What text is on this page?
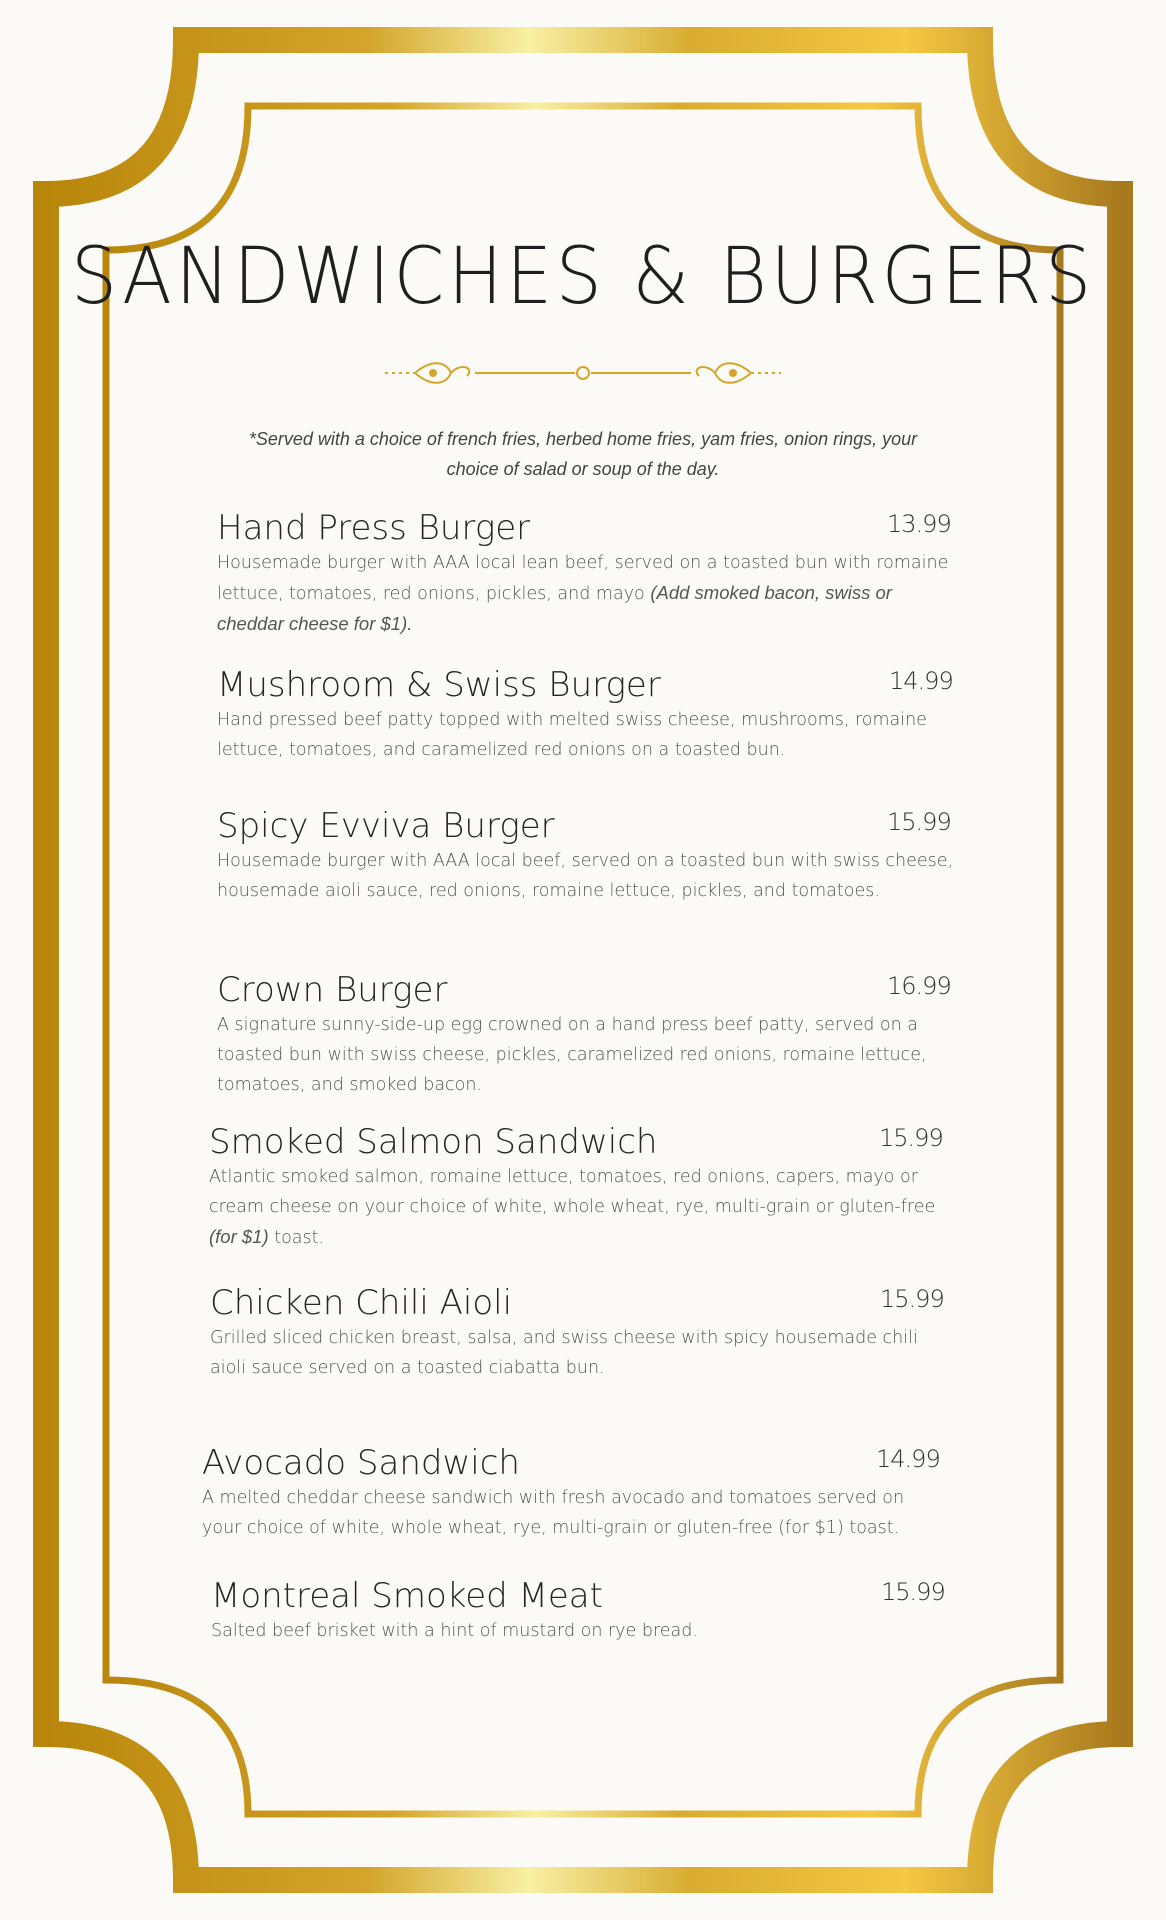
SANDWICHES & BURGERS

*Served with a choice of french fries, herbed home fries, yam fries, onion rings, your choice of salad or soup of the day.

Hand Press Burger	13.99
Housemade burger with AAA local lean beef, served on a toasted bun with romaine lettuce, tomatoes, red onions, pickles, and mayo (Add smoked bacon, swiss or cheddar cheese for $1).
Mushroom & Swiss Burger	14.99
Hand pressed beef patty topped with melted swiss cheese, mushrooms, romaine lettuce, tomatoes, and caramelized red onions on a toasted bun.
Spicy Evviva Burger	15.99
Housemade burger with AAA local beef, served on a toasted bun with swiss cheese, housemade aioli sauce, red onions, romaine lettuce, pickles, and tomatoes.
Crown Burger	16.99
A signature sunny-side-up egg crowned on a hand press beef patty, served on a toasted bun with swiss cheese, pickles, caramelized red onions, romaine lettuce, tomatoes, and smoked bacon.
Smoked Salmon Sandwich	15.99
Atlantic smoked salmon, romaine lettuce, tomatoes, red onions, capers, mayo or cream cheese on your choice of white, whole wheat, rye, multi-grain or gluten-free (for $1) toast.
Chicken Chili Aioli	15.99
Grilled sliced chicken breast, salsa, and swiss cheese with spicy housemade chili aioli sauce served on a toasted ciabatta bun.
Avocado Sandwich	14.99
A melted cheddar cheese sandwich with fresh avocado and tomatoes served on your choice of white, whole wheat, rye, multi-grain or gluten-free (for $1) toast.
Montreal Smoked Meat	15.99
Salted beef brisket with a hint of mustard on rye bread.
